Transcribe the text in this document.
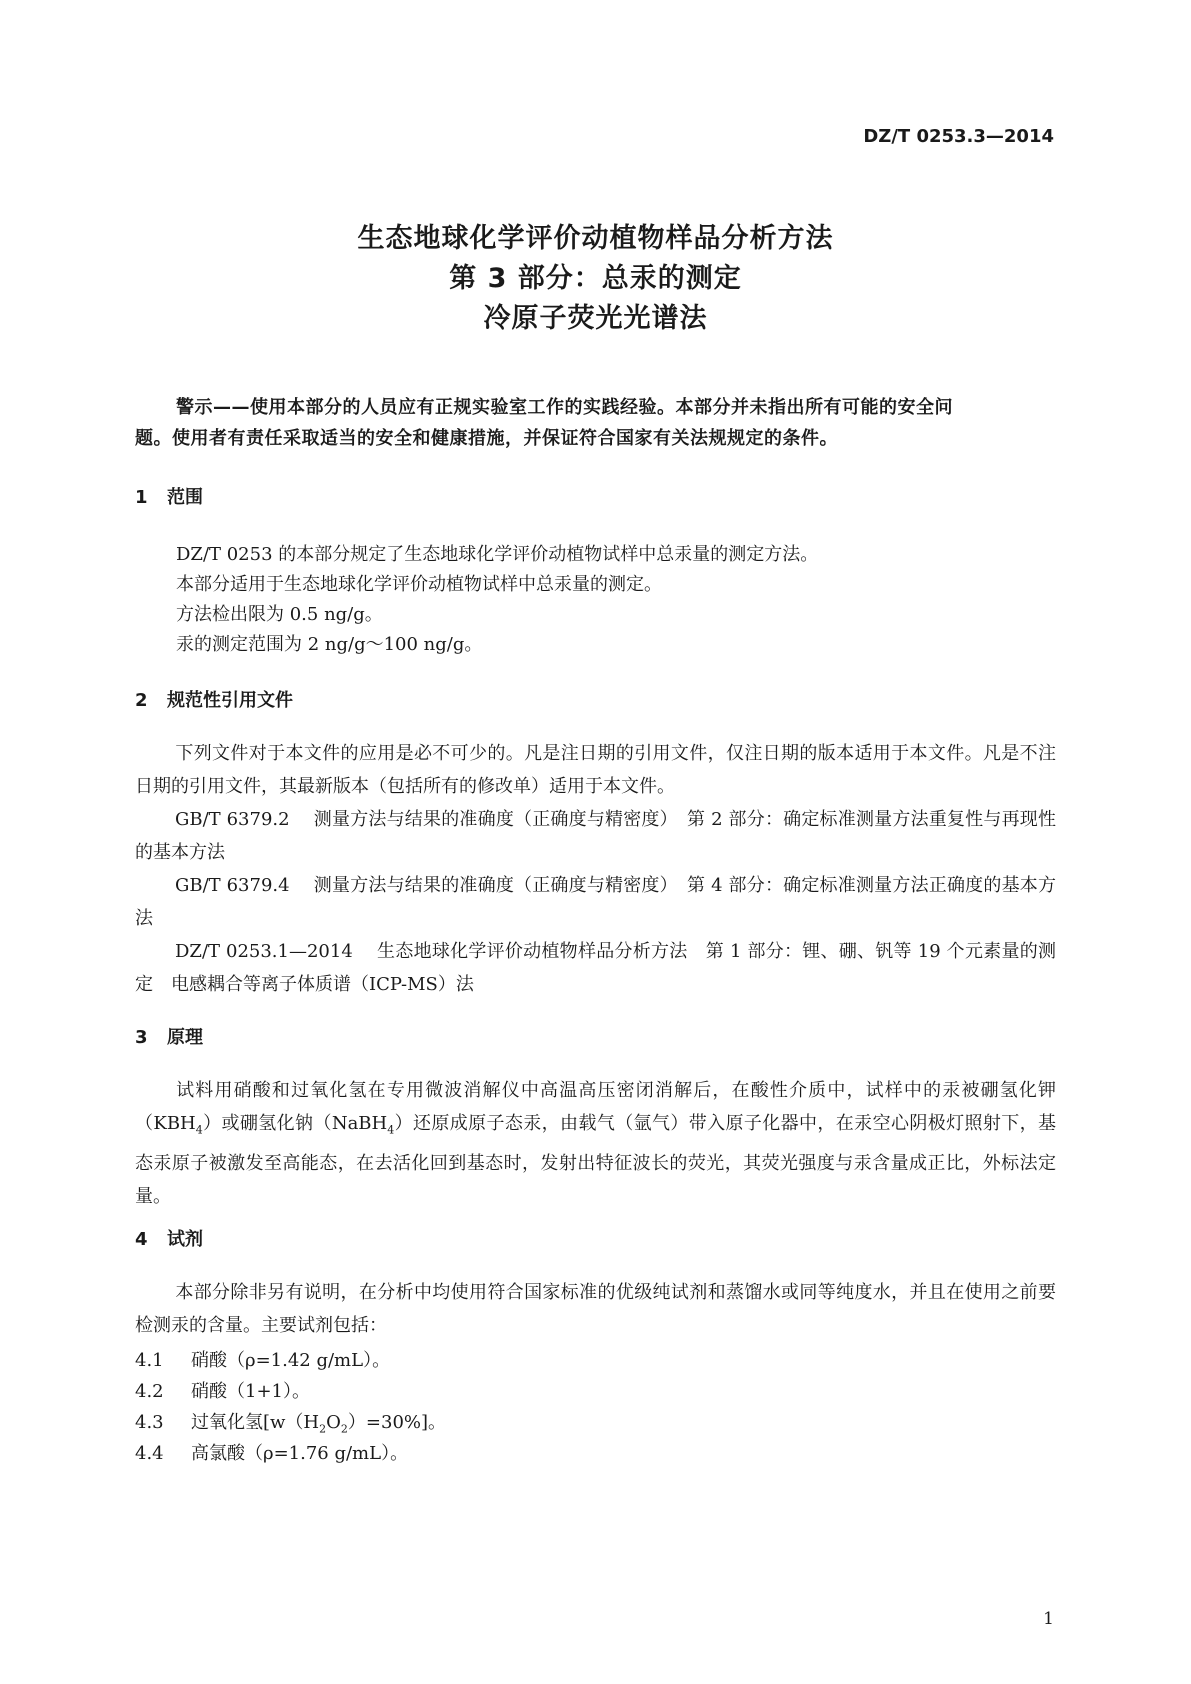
DZ/T 0253.3—2014
生态地球化学评价动植物样品分析方法
第 3 部分：总汞的测定
冷原子荧光光谱法
警示——使用本部分的人员应有正规实验室工作的实践经验。本部分并未指出所有可能的安全问
题。使用者有责任采取适当的安全和健康措施，并保证符合国家有关法规规定的条件。
1 范围
DZ/T 0253 的本部分规定了生态地球化学评价动植物试样中总汞量的测定方法。
本部分适用于生态地球化学评价动植物试样中总汞量的测定。
方法检出限为 0.5 ng/g。
汞的测定范围为 2 ng/g～100 ng/g。
2 规范性引用文件
下列文件对于本文件的应用是必不可少的。凡是注日期的引用文件，仅注日期的版本适用于本文件。凡是不注日期的引用文件，其最新版本（包括所有的修改单）适用于本文件。
GB/T 6379.2 测量方法与结果的准确度（正确度与精密度）　第 2 部分：确定标准测量方法重复性与再现性的基本方法
GB/T 6379.4 测量方法与结果的准确度（正确度与精密度）　第 4 部分：确定标准测量方法正确度的基本方法
DZ/T 0253.1—2014 生态地球化学评价动植物样品分析方法　第 1 部分：锂、硼、钒等 19 个元素量的测定　电感耦合等离子体质谱（ICP-MS）法
3 原理
试料用硝酸和过氧化氢在专用微波消解仪中高温高压密闭消解后，在酸性介质中，试样中的汞被硼氢化钾$(KBH_4)$或硼氢化钠（NaBH$_4$）还原成原子态汞，由载气（氩气）带入原子化器中，在汞空心阴极灯照射下，基态汞原子被激发至高能态，在去活化回到基态时，发射出特征波长的荧光，其荧光强度与汞含量成正比，外标法定量。
4 试剂
本部分除非另有说明，在分析中均使用符合国家标准的优级纯试剂和蒸馏水或同等纯度水，并且在使用之前要检测汞的含量。主要试剂包括：
4.1 硝酸（ρ=1.42 g/mL）。
4.2 硝酸（1+1）。
4.3 过氧化氢$[w(H_2O_2)=30\%]$。
4.4 高氯酸（ρ=1.76 g/mL）。
1
